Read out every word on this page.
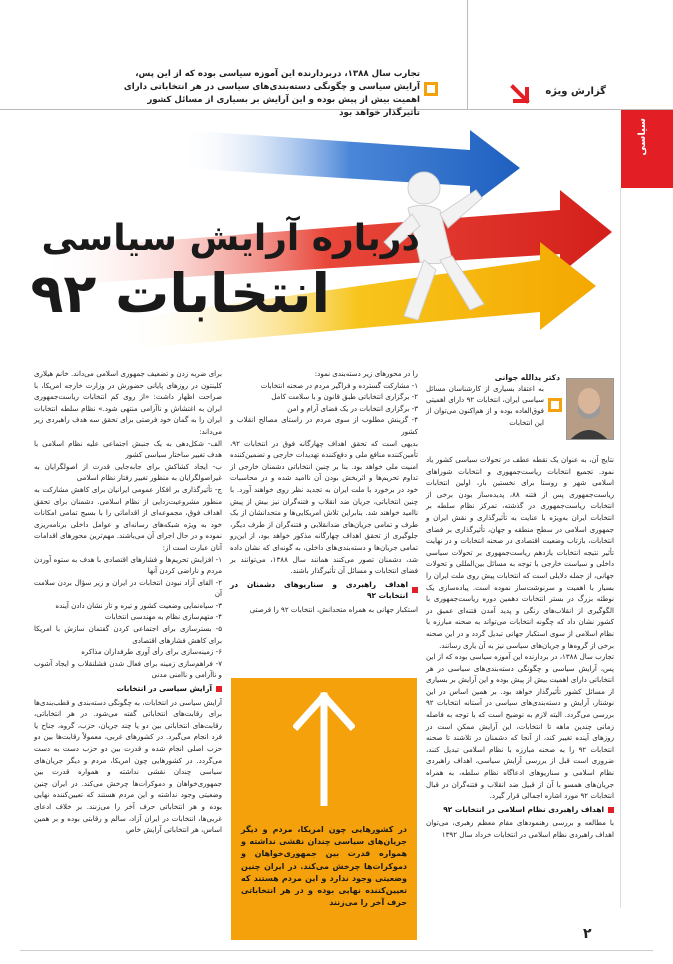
گزارش ویژه
تجارب سال ۱۳۸۸، دربردارنده این آموزه سیاسی بوده که از این پس، آرایش سیاسی و چگونگی دسته‌بندی‌های سیاسی در هر انتخاباتی دارای اهمیت بیش از پیش بوده و این آرایش بر بسیاری از مسائل کشور تأثیرگذار خواهد بود
سیاسی
درباره آرایش سیاسی
انتخابات ۹۲
دکتر یدالله جوانی
به اعتقاد بسیاری از کارشناسان مسائل سیاسی ایران، انتخابات ۹۲ دارای اهمیتی فوق‌العاده بوده و از هم‌اکنون می‌توان از این انتخابات

نتایج آن، به عنوان یک نقطه عطف در تحولات سیاسی کشور یاد نمود. تجمیع انتخابات ریاست‌جمهوری و انتخابات شوراهای اسلامی شهر و روستا برای نخستین بار، اولین انتخابات ریاست‌جمهوری پس از فتنه ۸۸، پدیده‌ساز بودن برخی از انتخابات ریاست‌جمهوری در گذشته، تمرکز نظام سلطه بر انتخابات ایران به‌ویژه با عنایت به تأثیرگذاری و نقش ایران و جمهوری اسلامی در سطح منطقه و جهان، تأثیرگذاری بر فضای انتخابات، بازتاب وضعیت اقتصادی در صحنه انتخابات و در نهایت تأثیر نتیجه انتخابات یازدهم ریاست‌جمهوری بر تحولات سیاسی داخلی و سیاست خارجی با توجه به مسائل بین‌المللی و تحولات جهانی، از جمله دلایلی است که انتخابات پیش روی ملت ایران را بسیار با اهمیت و سرنوشت‌ساز نموده است. پیاده‌سازی یک نوطئه بزرگ در بستر انتخابات دهمین دوره ریاست‌جمهوری با الگوگیری از انقلاب‌های رنگی و پدید آمدن فتنه‌ای عمیق در کشور نشان داد که چگونه انتخابات می‌تواند به صحنه مبارزه با نظام اسلامی از سوی استکبار جهانی تبدیل گردد و در این صحنه برخی از گروه‌ها و جریان‌های سیاسی نیز به آن یاری رسانند.

تجارب سال ۱۳۸۸، در بردارنده این آموزه سیاسی بوده که از این پس، آرایش سیاسی و چگونگی دسته‌بندی‌های سیاسی در هر انتخاباتی دارای اهمیت بیش از پیش بوده و این آرایش بر بسیاری از مسائل کشور تأثیرگذار خواهد بود. بر همین اساس در این نوشتار، آرایش و دسته‌بندی‌های سیاسی در آستانه انتخابات ۹۲ بررسی می‌گردد. البته لازم به توضیح است که با توجه به فاصله زمانی چندین ماهه تا انتخابات، این آرایش ممکن است در روزهای آینده تغییر کند، از آنجا که دشمنان در تلاشند تا صحنه انتخابات ۹۲ را به صحنه مبارزه با نظام اسلامی تبدیل کنند، ضروری است قبل از بررسی آرایش سیاسی، اهداف راهبردی نظام اسلامی و سناریوهای ادعاگاه نظام سلطه، به همراه جریان‌های همسو با آن از قبیل ضد انقلاب و فتنه‌گران در قبال انتخابات ۹۲ مورد اشاره اجمالی قرار گیرد.

اهداف راهبردی نظام اسلامی در انتخابات ۹۲

با مطالعه و بررسی رهنمودهای مقام معظم رهبری، می‌توان اهداف راهبردی نظام اسلامی در انتخابات خرداد سال ۱۳۹۲

را در محورهای زیر دسته‌بندی نمود:

۱- مشارکت گسترده و فراگیر مردم در صحنه انتخابات

۲- برگزاری انتخاباتی طبق قانون و با سلامت کامل

۳- برگزاری انتخابات در یک فضای آرام و امن

۴- گزینش مطلوب از سوی مردم در راستای مصالح انقلاب و کشور

بدیهی است که تحقق اهداف چهارگانه فوق در انتخابات ۹۲، تأمین‌کننده منافع ملی و دفع‌کننده تهدیدات خارجی و تضمین‌کننده امنیت ملی خواهد بود. بنا بر چنین انتخاباتی دشمنان خارجی از تداوم تحریم‌ها و اثربخش بودن آن ناامید شده و در محاسبات خود در برخورد با ملت ایران به تجدید نظر روی خواهند آورد. با چنین انتخاباتی، جریان ضد انقلاب و فتنه‌گران نیز بیش از پیش ناامید خواهند شد. بنابراین تلاش امریکایی‌ها و متحدانشان از یک طرف و تمامی جریان‌های ضدانقلابی و فتنه‌گران از طرف دیگر، جلوگیری از تحقق اهداف چهارگانه مذکور خواهد بود، از این‌رو تمامی جریان‌ها و دسته‌بندی‌های داخلی، به گونه‌ای که نشان داده شد، دشمنان تصور می‌کنند همانند سال ۱۳۸۸، می‌توانند بر فضای انتخابات و مسائل آن تأثیرگذار باشند.

اهداف راهبردی و سناریوهای دشمنان در انتخابات ۹۲

استکبار جهانی به همراه متحدانش، انتخابات ۹۲ را فرصتی

در کشورهایی چون امریکا، مردم و دیگر جریان‌های سیاسی چندان نقشی نداشته و همواره قدرت بین جمهوری‌خواهان و دموکرات‌ها چرخش می‌کند. در ایران چنین وضعیتی وجود ندارد و این مردم هستند که تعیین‌کننده نهایی بوده و در هر انتخاباتی حرف آخر را می‌زنند

برای ضربه زدن و تضعیف جمهوری اسلامی می‌داند. خانم هیلاری کلینتون در روزهای پایانی حضورش در وزارت خارجه امریکا، با صراحت اظهار داشت: «از روی کم انتخابات ریاست‌جمهوری ایران به اغتشاش و ناآرامی منتهی شود.» نظام سلطه انتخابات ایران را به گمان خود فرصتی برای تحقق سه هدف راهبردی زیر می‌داند:

الف- شکل‌دهی به یک جنبش اجتماعی علیه نظام اسلامی با هدف تغییر ساختار سیاسی کشور

ب- ایجاد کشاکش برای جابه‌جایی قدرت از اصولگرایان به غیراصولگرایان به منظور تغییر رفتار نظام اسلامی

ج- تأثیرگذاری بر افکار عمومی ایرانیان برای کاهش مشارکت به منظور مشروعیت‌زدایی از نظام اسلامی. دشمنان برای تحقق اهداف فوق، مجموعه‌ای از اقداماتی را با بسیج تمامی امکانات خود به ویژه شبکه‌های رسانه‌ای و عوامل داخلی برنامه‌ریزی نموده و در حال اجرای آن می‌باشند. مهم‌ترین محورهای اقدامات آنان عبارت است از:

۱- افزایش تحریم‌ها و فشارهای اقتصادی با هدف به ستوه آوردن مردم و ناراضی کردن آنها

۲- القای آزاد نبودن انتخابات در ایران و زیر سؤال بردن سلامت آن

۳- سیاه‌نمایی وضعیت کشور و تیره و تار نشان دادن آینده

۴- متهم‌سازی نظام به مهندسی انتخابات

۵- بسترسازی برای اجتماعی کردن گفتمان سازش با امریکا برای کاهش فشارهای اقتصادی

۶- زمینه‌سازی برای رأی آوری طرفداران مذاکره

۷- فراهم‌سازی زمینه برای فعال شدن فشلنقلاب و ایجاد آشوب و ناآرامی و ناامنی مدنی

آرایش سیاسی در انتخابات

آرایش سیاسی در انتخابات، به چگونگی دسته‌بندی و قطب‌بندی‌ها برای رقابت‌های انتخاباتی گفته می‌شود. در هر انتخاباتی، رقابت‌های انتخاباتی بین دو یا چند جریان، حزب، گروه، جناح یا فرد انجام می‌گیرد. در کشورهای غربی، معمولاً رقابت‌ها بین دو حزب اصلی انجام شده و قدرت بین دو حزب دست به دست می‌گردد. در کشورهایی چون امریکا، مردم و دیگر جریان‌های سیاسی چندان نقشی نداشته و همواره قدرت بین جمهوری‌خواهان و دموکرات‌ها چرخش می‌کند. در ایران چنین وضعیتی وجود نداشته و این مردم هستند که تعیین‌کننده نهایی بوده و هر انتخاباتی حرف آخر را می‌زنند. بر خلاف ادعای غربی‌ها، انتخابات در ایران آزاد، سالم و رقابتی بوده و بر همین اساس، هر انتخاباتی آرایش خاص

۲
